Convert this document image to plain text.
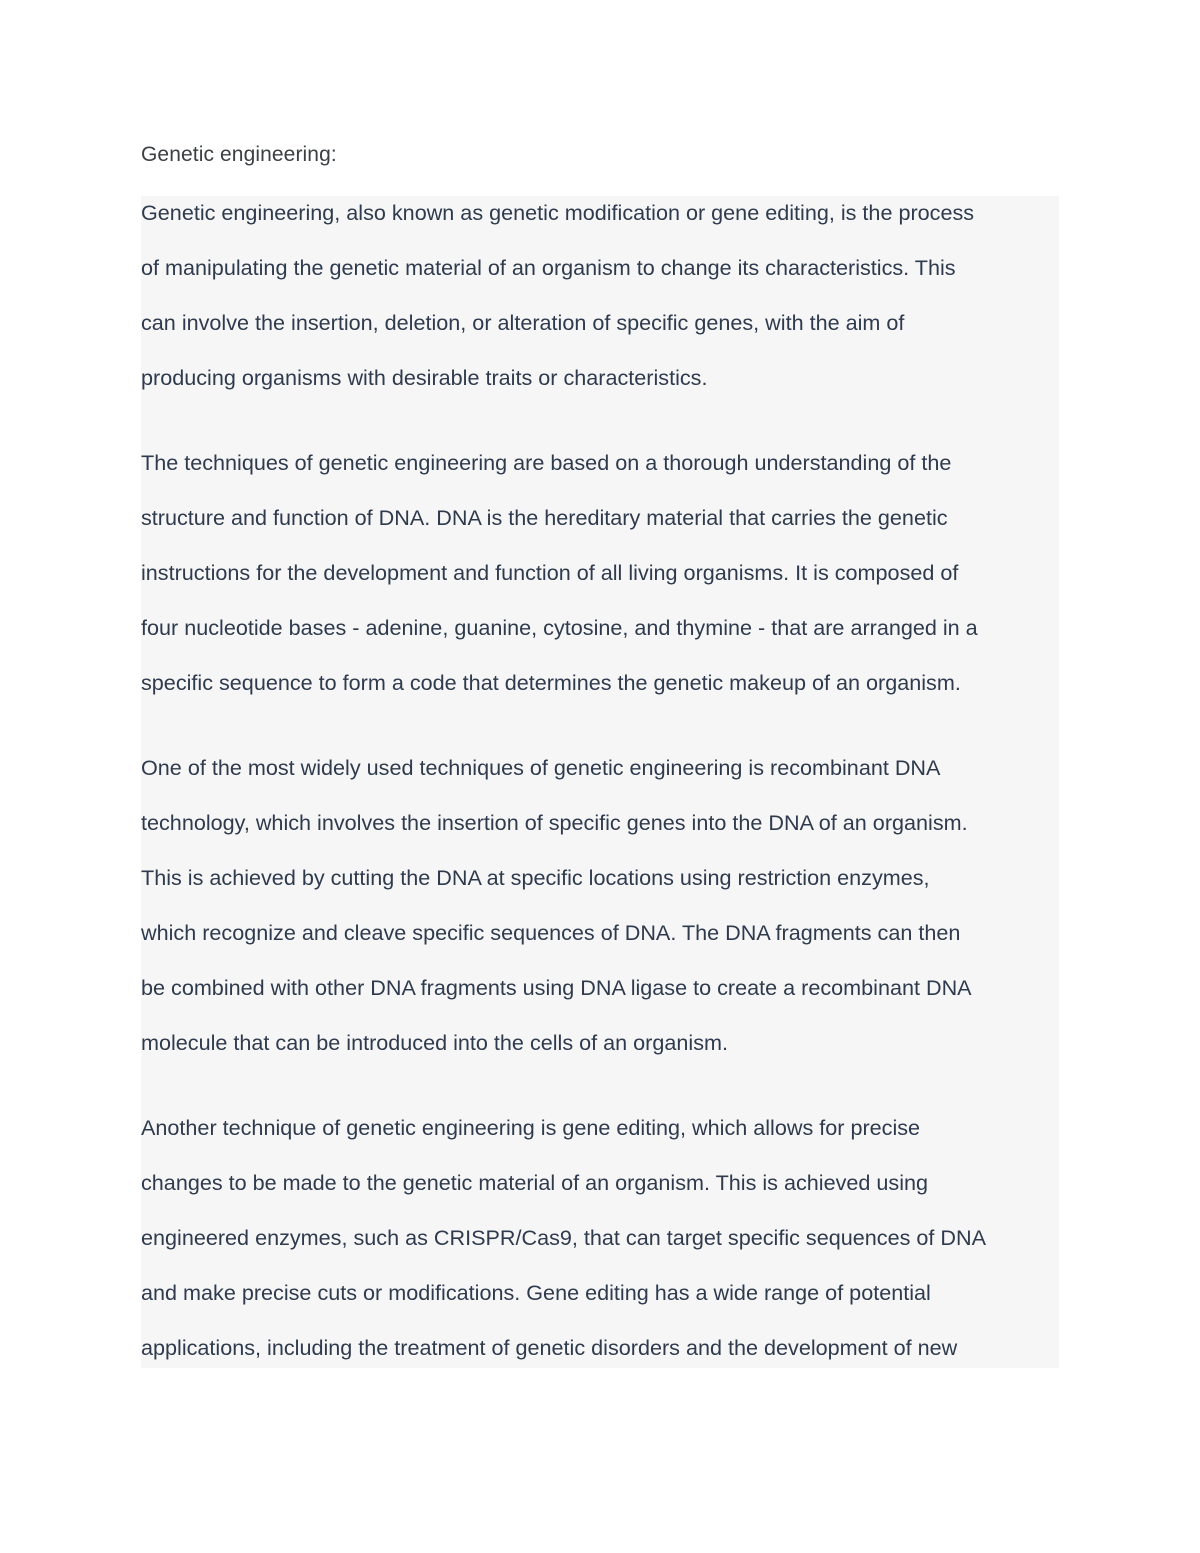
Genetic engineering:

Genetic engineering, also known as genetic modification or gene editing, is the process
of manipulating the genetic material of an organism to change its characteristics. This
can involve the insertion, deletion, or alteration of specific genes, with the aim of
producing organisms with desirable traits or characteristics.

The techniques of genetic engineering are based on a thorough understanding of the
structure and function of DNA. DNA is the hereditary material that carries the genetic
instructions for the development and function of all living organisms. It is composed of
four nucleotide bases - adenine, guanine, cytosine, and thymine - that are arranged in a
specific sequence to form a code that determines the genetic makeup of an organism.

One of the most widely used techniques of genetic engineering is recombinant DNA
technology, which involves the insertion of specific genes into the DNA of an organism.
This is achieved by cutting the DNA at specific locations using restriction enzymes,
which recognize and cleave specific sequences of DNA. The DNA fragments can then
be combined with other DNA fragments using DNA ligase to create a recombinant DNA
molecule that can be introduced into the cells of an organism.

Another technique of genetic engineering is gene editing, which allows for precise
changes to be made to the genetic material of an organism. This is achieved using
engineered enzymes, such as CRISPR/Cas9, that can target specific sequences of DNA
and make precise cuts or modifications. Gene editing has a wide range of potential
applications, including the treatment of genetic disorders and the development of new
